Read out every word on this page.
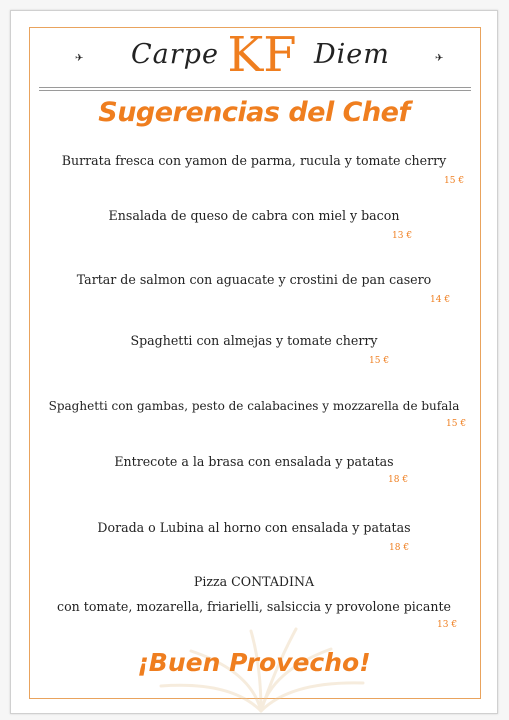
✈ Carpe KF Diem	✈
Sugerencias del Chef
Burrata fresca con yamon de parma, rucula y tomate cherry
15 €
Ensalada de queso de cabra con miel y bacon
13 €
Tartar de salmon con aguacate y crostini de pan casero
14 €
Spaghetti con almejas y tomate cherry
15 €
Spaghetti con gambas, pesto de calabacines y mozzarella de bufala
15 €
Entrecote a la brasa con ensalada y patatas
18 €
Dorada o Lubina al horno con ensalada y patatas
18 €
Pizza CONTADINA
con tomate, mozarella, friarielli, salsiccia y provolone picante
13 €
¡Buen Provecho!
